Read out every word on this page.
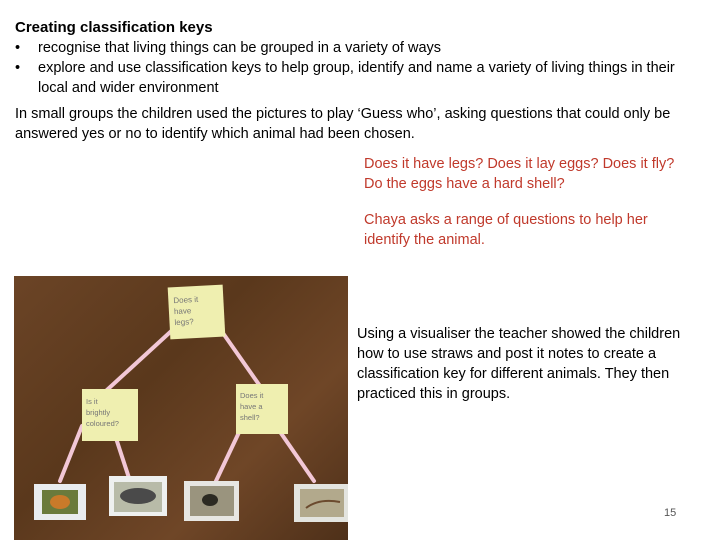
Creating classification keys
• recognise that living things can be grouped in a variety of ways
• explore and use classification keys to help group, identify and name a variety of living things in their local and wider environment
In small groups the children used the pictures to play ‘Guess who’, asking questions that could only be answered yes or no to identify which animal had been chosen.
Does it have legs? Does it lay eggs? Does it fly? Do the eggs have a hard shell?
Chaya asks a range of questions to help her identify the animal.
Does it have legs?
Is it brightly coloured?
Does it have a shell?
Using a visualiser the teacher showed the children how to use straws and post it notes to create a classification key for different animals. They then practiced this in groups.
15
